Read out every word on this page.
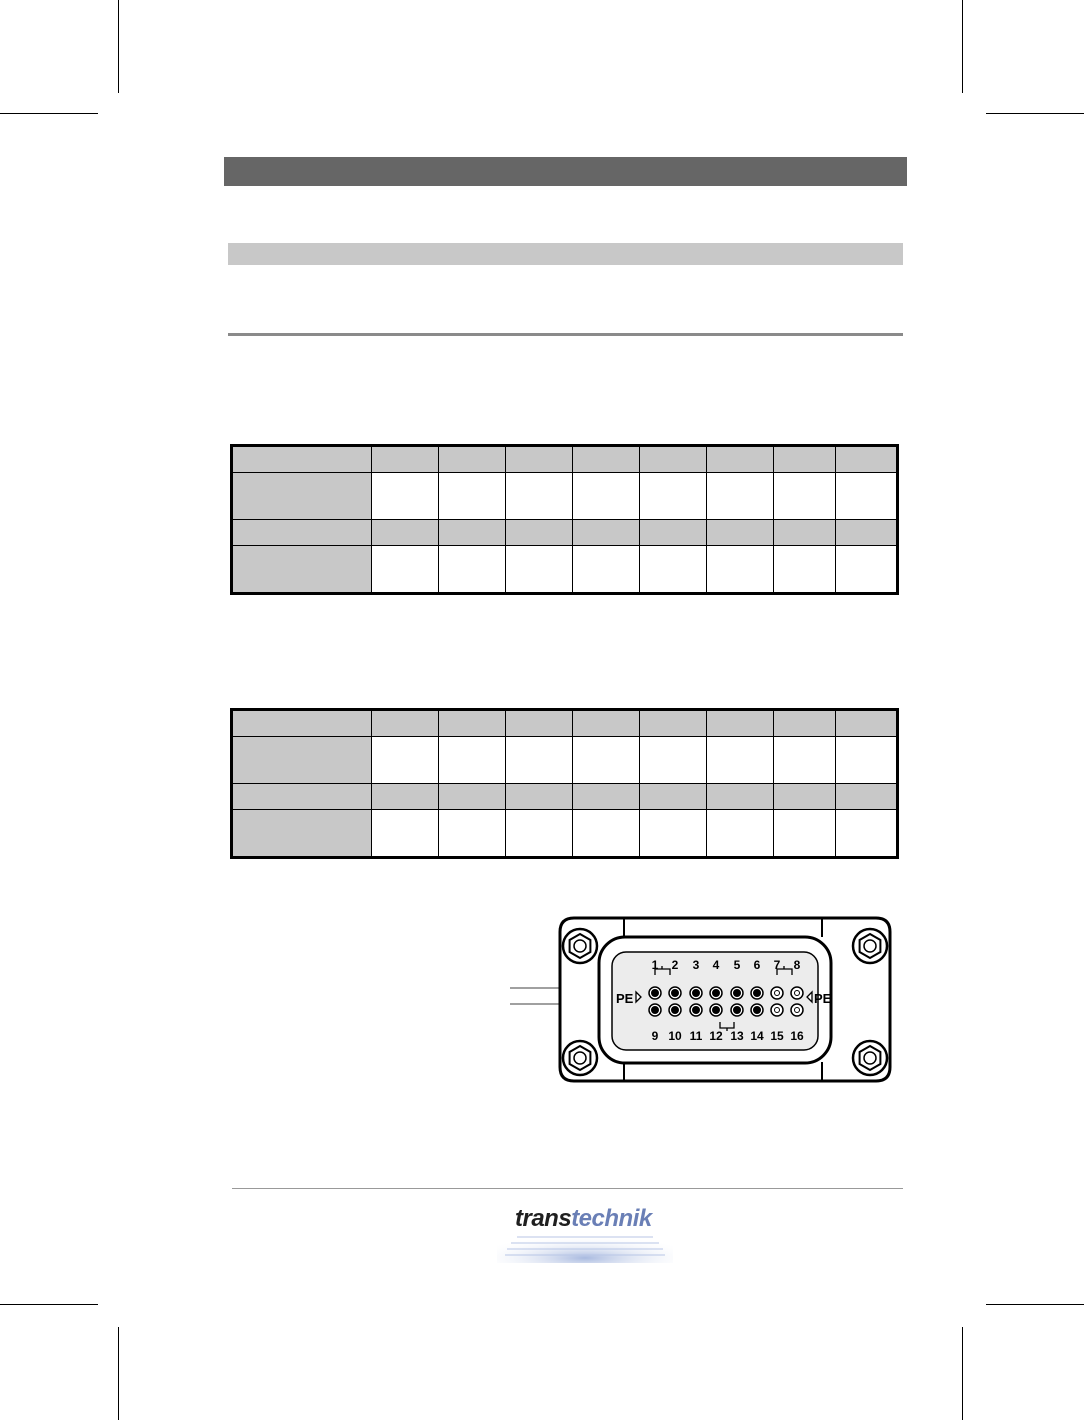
PE	PE
1 2 3 4 5 6 7 8
9 10 11 12 13 14 15 16
transtechnik
